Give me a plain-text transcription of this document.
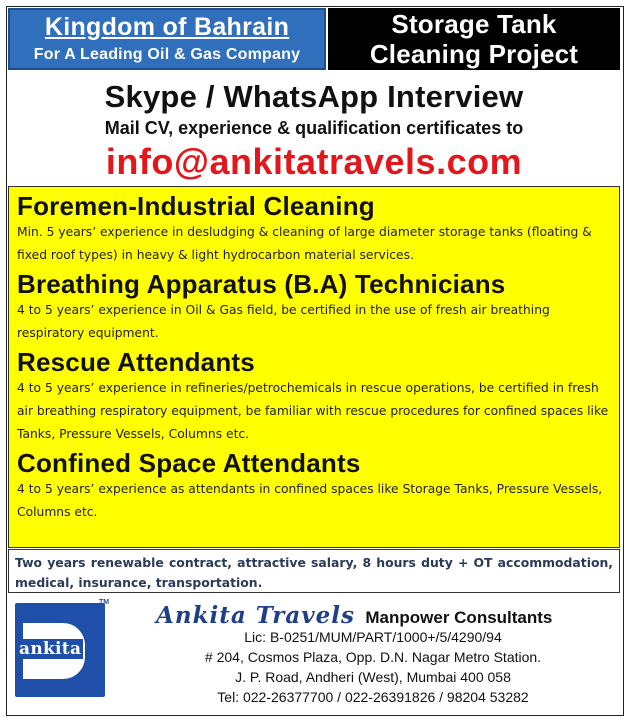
Kingdom of Bahrain
For A Leading Oil & Gas Company
Storage Tank
Cleaning Project
Skype / WhatsApp Interview
Mail CV, experience & qualification certificates to
info@ankitatravels.com
Foremen-Industrial Cleaning
Min. 5 years’ experience in desludging & cleaning of large diameter storage tanks (floating & fixed roof types) in heavy & light hydrocarbon material services.
Breathing Apparatus (B.A) Technicians
4 to 5 years’ experience in Oil & Gas field, be certified in the use of fresh air breathing respiratory equipment.
Rescue Attendants
4 to 5 years’ experience in refineries/petrochemicals in rescue operations, be certified in fresh air breathing respiratory equipment, be familiar with rescue procedures for confined spaces like Tanks, Pressure Vessels, Columns etc.
Confined Space Attendants
4 to 5 years’ experience as attendants in confined spaces like Storage Tanks, Pressure Vessels, Columns etc.
Two years renewable contract, attractive salary, 8 hours duty + OT accommodation, medical, insurance, transportation.
ankita
TM Ankita Travels Manpower Consultants
Lic: B-0251/MUM/PART/1000+/5/4290/94
# 204, Cosmos Plaza, Opp. D.N. Nagar Metro Station.
J. P. Road, Andheri (West), Mumbai 400 058
Tel: 022-26377700 / 022-26391826 / 98204 53282
